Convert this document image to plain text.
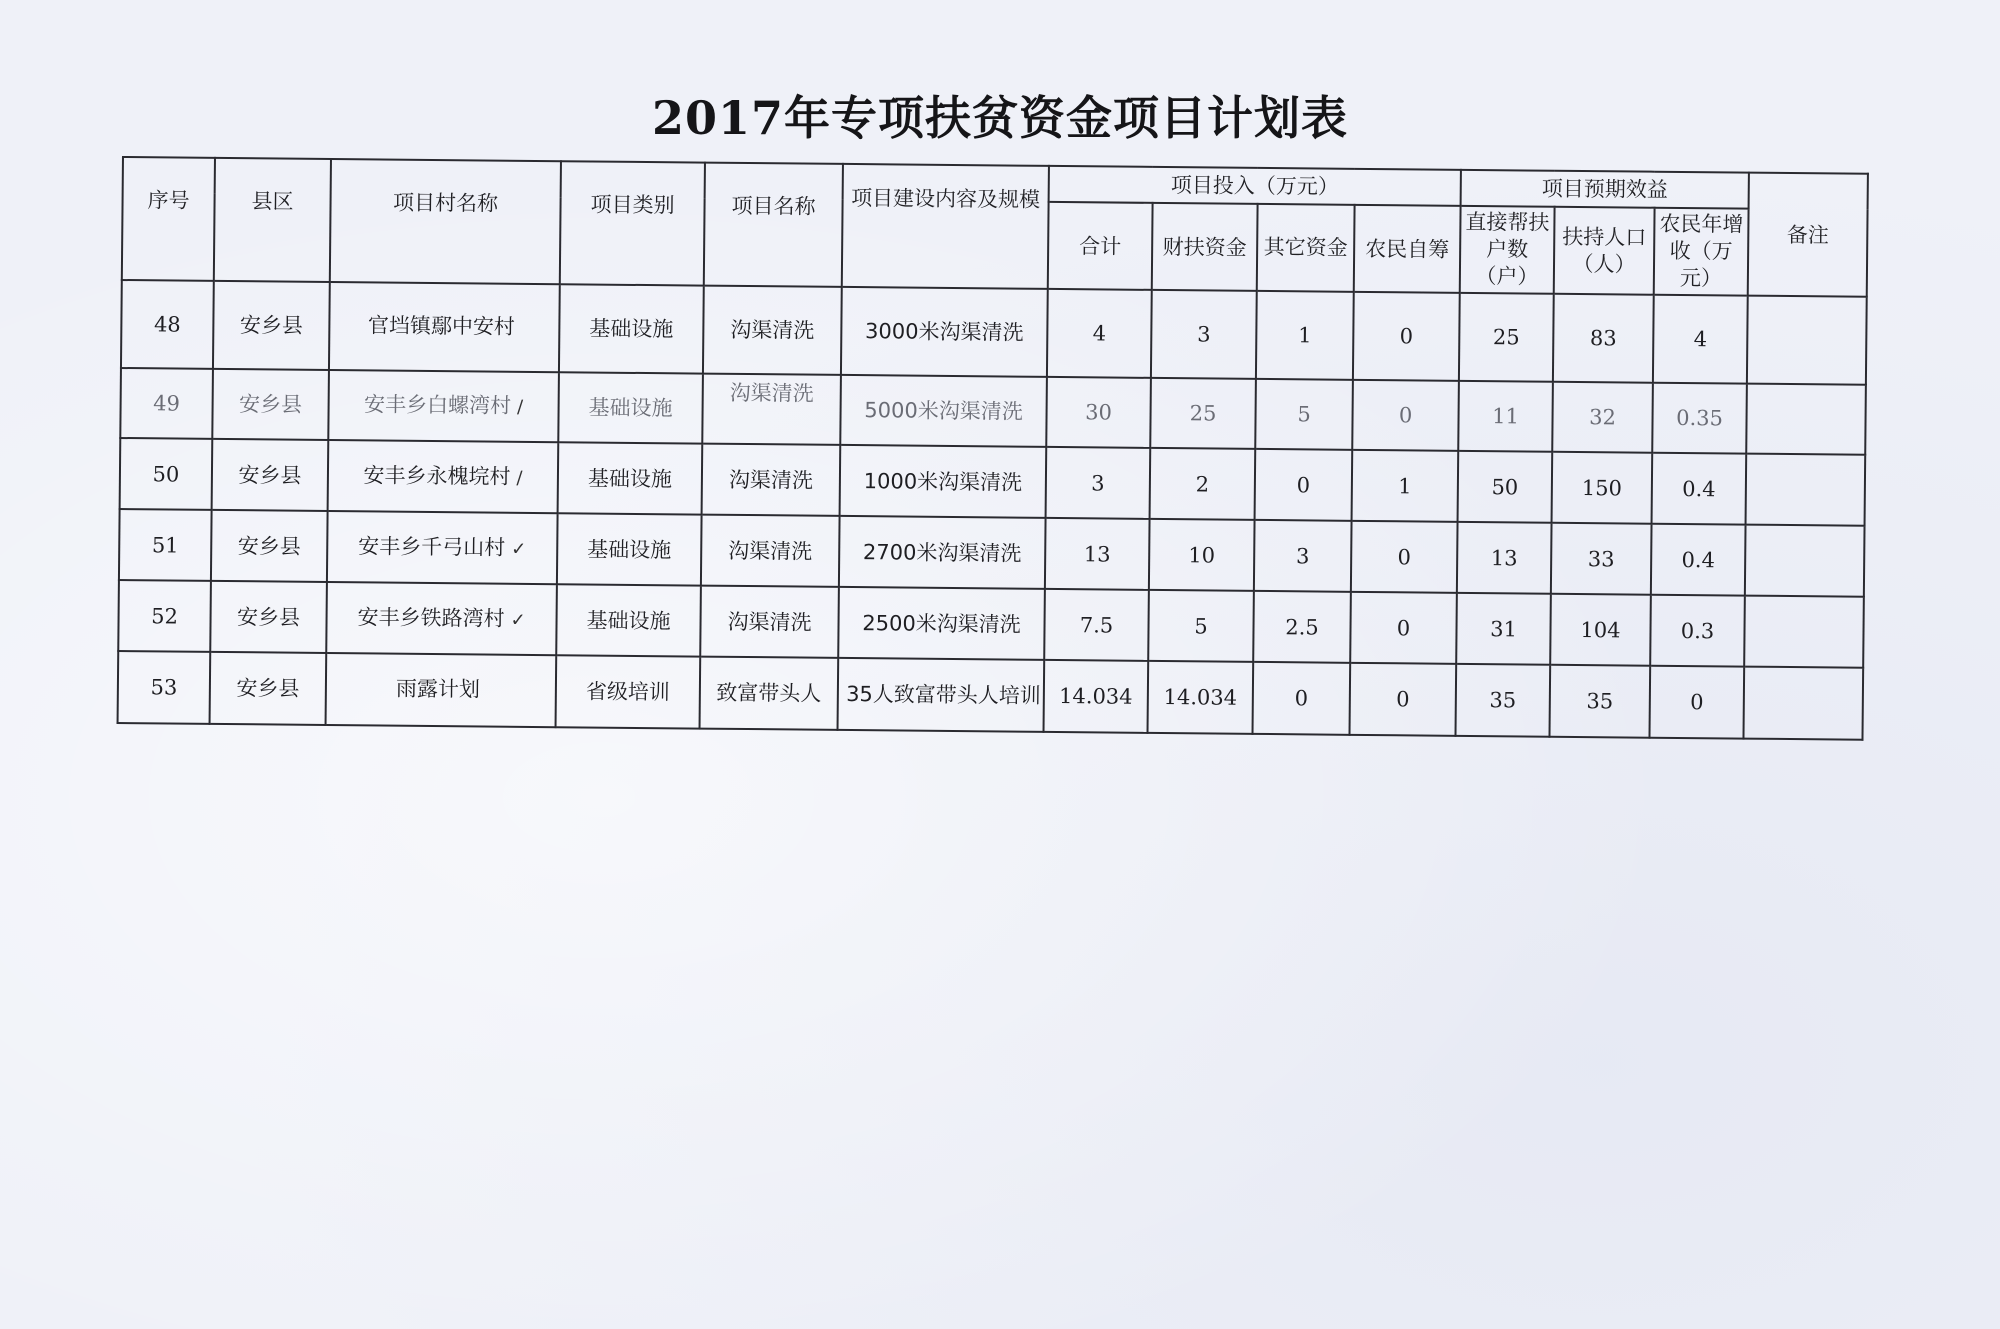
2017年专项扶贫资金项目计划表
序号	县区	项目村名称	项目类别	项目名称	项目建设内容及规模	项目投入（万元）				项目预期效益			备注
						合计	财扶资金	其它资金	农民自筹	直接帮扶户数（户）	扶持人口（人）	农民年增收（万元）	
48	安乡县	官垱镇鄢中安村	基础设施	沟渠清洗	3000米沟渠清洗	4	3	1	0	25	83	4	
49	安乡县	安丰乡白螺湾村 /	基础设施	沟渠清洗	5000米沟渠清洗	30	25	5	0	11	32	0.35	
50	安乡县	安丰乡永槐垸村 /	基础设施	沟渠清洗	1000米沟渠清洗	3	2	0	1	50	150	0.4	
51	安乡县	安丰乡千弓山村 ✓	基础设施	沟渠清洗	2700米沟渠清洗	13	10	3	0	13	33	0.4	
52	安乡县	安丰乡铁路湾村 ✓	基础设施	沟渠清洗	2500米沟渠清洗	7.5	5	2.5	0	31	104	0.3	
53	安乡县	雨露计划	省级培训	致富带头人	35人致富带头人培训	14.034	14.034	0	0	35	35	0	
